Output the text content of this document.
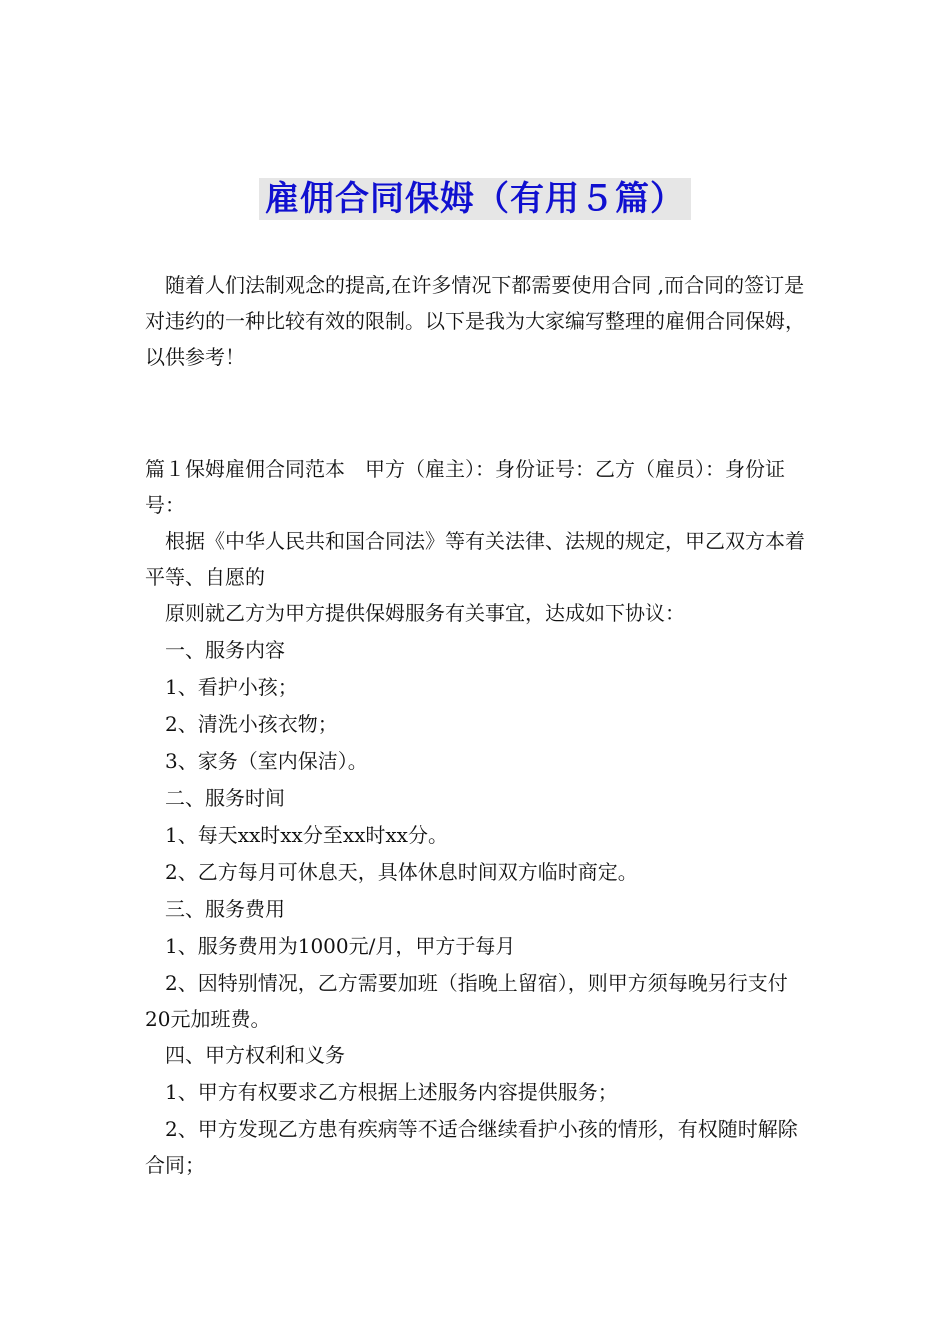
雇佣合同保姆（有用５篇）

随着人们法制观念的提高,在许多情况下都需要使用合同 ,而合同的签订是对违约的一种比较有效的限制。以下是我为大家编写整理的雇佣合同保姆，以供参考！

篇１保姆雇佣合同范本　甲方（雇主）：身份证号：乙方（雇员）：身份证号：

根据《中华人民共和国合同法》等有关法律、法规的规定，甲乙双方本着平等、自愿的

原则就乙方为甲方提供保姆服务有关事宜，达成如下协议：

一、服务内容

1、看护小孩；

2、清洗小孩衣物；

3、家务（室内保洁）。

二、服务时间

1、每天xx时xx分至xx时xx分。

2、乙方每月可休息天，具体休息时间双方临时商定。

三、服务费用

1、服务费用为1000元/月，甲方于每月

2、因特别情况，乙方需要加班（指晚上留宿），则甲方须每晚另行支付20元加班费。

四、甲方权利和义务

1、甲方有权要求乙方根据上述服务内容提供服务；

2、甲方发现乙方患有疾病等不适合继续看护小孩的情形，有权随时解除合同；
